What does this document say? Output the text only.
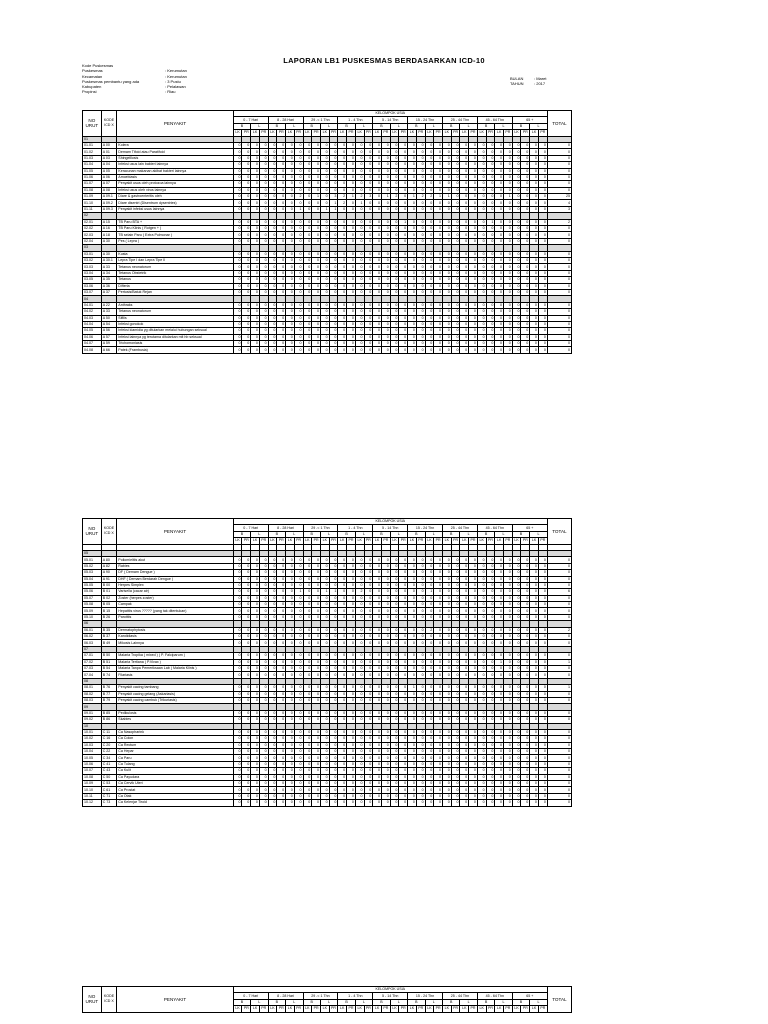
LAPORAN LB1 PUSKESMAS BERDASARKAN ICD-10
Kode Puskesmas
Puskesmas	: Kerumutan
Kecamatan	: Kerumutan
Puskesmas pembantu yang ada	: 3 Pustu
Kabupaten	: Pelalawan
Propinsi	: Riau
BULAN	: Maret
TAHUN	: 2017
NO URUT	KODE ICD X	PENYAKIT	KELOMPOK USIA																																				TOTAL
			0 - 7 Hari				8 - 28 Hari				29 -< 1 Thn				1 - 4 Thn				5 - 14 Thn				15 - 24 Thn				25 - 44 Thn				45 - 64 Thn				65 +				
			B		L		B		L		B		L		B		L		B		L		B		L		B		L		B		L		B		L		
			LK	PR	LK	PR	LK	PR	LK	PR	LK	PR	LK	PR	LK	PR	LK	PR	LK	PR	LK	PR	LK	PR	LK	PR	LK	PR	LK	PR	LK	PR	LK	PR	LK	PR	LK	PR	
01																																							
01.01	A 00	Kolera	0	0	0	0	0	0	0	0	0	0	0	0	0	0	0	0	0	0	0	0	0	0	0	0	0	0	0	0	0	0	0	0	0	0	0	0	0
01.02	A 01	Demam Tifoid atau Paratifoid	0	0	0	0	0	0	0	0	0	0	0	0	0	0	0	0	0	0	0	0	0	0	0	0	0	0	0	0	0	0	0	0	0	0	0	0	0
01.03	A 03	Shingelllosis	0	0	0	0	0	0	0	0	0	0	0	0	0	0	0	0	0	0	0	0	0	0	0	0	0	0	0	0	0	0	0	0	0	0	0	0	0
01.04	A 04	Infeksi usus lain bakteri lainnya	0	0	0	0	0	0	0	0	0	0	0	0	0	0	0	0	0	0	0	0	0	0	0	0	0	0	0	0	0	0	0	0	0	0	0	0	0
01.05	A 05	Keracunan makanan akibat bakteri lainnya	0	0	0	0	0	0	0	0	0	0	0	0	0	0	0	0	0	0	0	0	0	0	0	0	0	0	0	0	0	0	0	0	0	0	0	0	0
01.06	A 06	Amoebiasis	0	0	0	0	0	0	0	0	0	0	0	0	0	0	0	0	0	0	0	0	0	0	0	0	0	0	0	0	0	0	0	0	0	0	0	0	0
01.07	A 07	Penyakit usus oleh protozoa lainnya	0	0	0	0	0	0	0	0	0	0	0	0	0	0	0	0	0	0	0	0	0	0	0	0	0	0	0	0	0	0	0	0	0	0	0	0	0
01.08	A 08	Infeksi usus oleh virus lainnya	0	0	0	0	0	0	0	0	0	0	0	0	0	0	0	0	0	0	0	0	0	0	0	0	0	0	0	0	0	0	0	0	0	0	0	0	0
01.09	A 09.1	Diare & gastroenteritis oleh	0	0	0	0	0	0	0	2	0	1	0	3	2	1	2	3	0	1	2	0	1	2	2	1	1	0	0	0	0	0	0	1	0	0	0	0	25
01.10	A 09.2	Diare disentri (Disentrum dysentries)	0	0	0	0	0	0	0	0	0	0	0	1	2	0	1	0	0	0	0	0	0	0	0	0	0	0	0	0	0	0	0	0	0	0	0	0	4
01.11	A 09.3	Penyakit infeksi usus lainnya	0	0	0	0	0	0	0	1	0	0	1	1	0	0	0	0	0	0	0	0	0	0	0	0	0	0	0	0	0	0	0	0	0	0	0	0	3
02																																							
02.01	A 15	TB Paru BTA +	0	0	0	0	0	0	0	0	0	0	0	0	0	0	0	0	0	0	0	1	0	0	0	0	0	0	0	0	0	1	0	0	0	0	0	0	2
02.02	A 16	TB Paru Klinis ( Rotgen + )	0	0	0	0	0	0	0	0	0	0	0	0	0	0	0	0	0	0	0	0	0	0	0	0	0	0	0	0	0	0	0	0	0	0	0	0	0
02.03	A 18	TB selain Paru ( Extra Pulmonar )	0	0	0	0	0	0	0	0	0	0	0	0	0	0	0	0	0	0	0	0	0	0	0	0	0	0	0	0	0	0	0	0	0	0	0	0	0
02.04	A 30	Pes ( Lepra )	0	0	0	0	0	0	0	0	0	0	0	0	0	0	0	0	0	0	0	0	0	0	0	0	0	0	0	0	0	0	0	0	0	0	0	0	0
03																																							
03.01	A 30	Kusta	0	0	0	0	0	0	0	0	0	0	0	0	0	0	0	0	0	0	0	0	0	0	0	0	0	0	0	0	0	0	0	0	0	0	0	0	0
03.02	A 30.1	Lepra Tipe I dan Lepra Tipe II	0	0	0	0	0	0	0	0	0	0	0	0	0	0	0	0	0	0	0	0	0	0	0	0	0	0	0	0	0	0	0	0	0	0	0	0	0
03.03	A 33	Tetanus neonatorum	0	0	0	0	0	0	0	0	0	0	0	0	0	0	0	0	0	0	0	0	0	0	0	0	0	0	0	0	0	0	0	0	0	0	0	0	0
03.04	A 34	Tetanus Obstetrik	0	0	0	0	0	0	0	0	0	0	0	0	0	0	0	0	0	0	0	0	0	0	0	0	0	0	0	0	0	0	0	0	0	0	0	0	0
03.05	A 35	Tetanus	0	0	0	0	0	0	0	0	0	0	0	0	0	0	0	0	0	0	0	0	0	0	0	0	0	0	0	0	0	0	0	0	0	0	0	0	0
03.06	A 36	Difteria	0	0	0	0	0	0	0	0	0	0	0	0	0	0	0	0	0	0	0	0	0	0	0	0	0	0	0	0	0	0	0	0	0	0	0	0	0
03.07	A 37	Pertusis/Batuk Rejan	0	0	0	0	0	0	0	0	0	0	0	0	0	0	0	0	0	0	0	0	0	0	0	0	0	0	0	0	0	0	0	0	0	0	0	0	0
04																																							
04.01	A 22	Anthraks	0	0	0	0	0	0	0	0	0	0	0	0	0	0	0	0	0	0	0	0	0	0	0	0	0	0	0	0	0	0	0	0	0	0	0	0	0
04.02	A 33	Tetanus neonatorum	0	0	0	0	0	0	0	0	0	0	0	0	0	0	0	0	0	0	0	0	0	0	0	0	0	0	0	0	0	0	0	0	0	0	0	0	0
04.03	A 50	Sifilis	0	0	0	0	0	0	0	0	0	0	0	0	0	0	0	0	0	0	0	0	0	0	0	0	0	0	0	0	0	0	0	0	0	0	0	0	0
04.04	A 54	Infeksi gonokok	0	0	0	0	0	0	0	0	0	0	0	0	0	0	0	0	0	0	0	0	0	0	0	0	0	0	0	0	0	0	0	0	0	0	0	0	0
04.05	A 56	Infeksi klamidia yg ditularkan melalui hubungan seksual	0	0	0	0	0	0	0	0	0	0	0	0	0	0	0	0	0	0	0	0	0	0	0	0	0	0	0	0	0	0	0	0	0	0	0	0	0
04.06	A 57	Infeksi lainnya yg terutama ditularkan mlt hb seksual	0	0	0	0	0	0	0	0	0	0	0	0	0	0	0	0	0	0	0	0	0	0	0	0	0	0	0	0	0	0	0	0	0	0	0	0	0
04.07	A 59	Trichomoniasis	0	0	0	0	0	0	0	0	0	0	0	0	0	0	0	0	0	0	0	0	0	0	0	0	0	0	0	0	0	0	0	0	0	0	0	0	0
04.08	A 66	Patek (Frambusia)	0	0	0	0	0	0	0	0	0	0	0	0	0	0	0	0	0	0	0	0	0	0	0	0	0	0	0	0	0	0	0	0	0	0	0	0	0
NO URUT	KODE ICD X	PENYAKIT	KELOMPOK USIA																																				TOTAL
			0 - 7 Hari				8 - 28 Hari				29 -< 1 Thn				1 - 4 Thn				5 - 14 Thn				15 - 24 Thn				25 - 44 Thn				45 - 64 Thn				65 +				
			B		L		B		L		B		L		B		L		B		L		B		L		B		L		B		L		B		L		
			LK	PR	LK	PR	LK	PR	LK	PR	LK	PR	LK	PR	LK	PR	LK	PR	LK	PR	LK	PR	LK	PR	LK	PR	LK	PR	LK	PR	LK	PR	LK	PR	LK	PR	LK	PR	

05																																							
05.01	A 80	Poliomielitis akut	0	0	0	0	0	0	0	0	0	0	0	0	0	0	0	0	0	0	0	0	0	0	0	0	0	0	0	0	0	0	0	0	0	0	0	0	0
05.02	A 82	Rabies	0	0	0	0	0	0	0	0	0	0	0	0	0	0	0	0	0	0	0	0	0	0	0	0	0	0	0	0	0	0	0	0	0	0	0	0	0
05.03	A 90	DF ( Demam Dengue )	0	0	0	0	0	0	0	0	0	0	0	0	0	0	0	0	0	0	0	0	0	0	0	0	0	0	0	0	0	0	0	0	0	0	0	0	0
05.04	A 91	DHF ( Demam Berdarah Dengue )	0	0	0	0	0	0	0	0	0	0	0	0	0	0	0	0	0	0	0	0	0	0	0	0	0	0	0	0	0	0	0	0	0	0	0	0	0
05.05	B 00	Herpes Simplex	0	0	0	0	0	0	0	0	0	0	0	0	0	0	0	0	0	0	0	0	0	0	0	0	0	0	0	0	0	0	0	0	0	0	0	0	0
05.06	B 01	Varisella (cacar air)	0	0	0	0	0	0	0	1	0	0	1	1	0	0	2	0	0	0	0	0	0	0	1	0	0	0	0	0	0	0	0	0	0	0	0	0	6
05.07	B 02	Zoster (herpes zoster)	0	0	0	0	0	0	0	0	0	0	0	0	0	0	0	0	0	0	0	0	0	0	0	0	0	0	0	0	0	0	0	0	0	0	0	0	0
05.08	B 05	Campak	0	0	0	0	0	0	0	0	0	0	0	0	0	0	0	0	0	0	0	0	0	0	0	0	0	0	0	0	0	0	0	0	0	0	0	0	0
05.09	B 15	Hepatitis virus ????? (yang tak ditentukan)	0	0	0	0	0	0	0	0	0	0	0	0	0	0	0	0	0	0	0	0	0	0	0	0	0	0	0	0	0	0	0	0	0	0	0	0	0
05.10	B 26	Parotitis	0	0	0	0	0	0	0	0	0	0	0	0	0	0	0	0	0	0	0	0	0	0	0	0	0	0	0	0	0	0	0	0	0	0	0	0	0
06																																							
06.01	B 35	Dermatophytosis	0	0	0	0	0	0	0	0	0	0	0	0	0	0	0	0	0	0	0	0	0	0	2	0	0	0	0	0	0	0	0	0	0	0	0	0	2
06.02	B 37	Kandidiasis	0	0	0	0	0	0	0	0	0	0	0	0	0	0	0	0	0	0	0	0	0	0	0	0	0	0	0	0	0	0	0	0	0	0	0	0	0
06.03	B 49	Mikosis Lainnya	0	0	0	0	0	0	0	0	0	0	0	0	0	0	0	0	0	0	0	0	0	0	0	0	0	0	0	0	0	0	0	0	0	0	0	0	0
07																																							
07.01	B 50	Malaria Tropika ( mixed ) ( P. Falciparum )	0	0	0	0	0	0	0	0	0	0	0	0	0	0	0	0	0	0	0	0	0	0	0	0	0	0	0	0	0	0	0	0	0	0	0	0	0
07.02	B 51	Malaria Tertiana ( P.Vivax )	0	0	0	0	0	0	0	0	0	0	0	0	0	0	0	0	0	0	0	0	0	0	0	0	0	0	0	0	0	0	1	0	0	0	0	0	1
07.03	B 54	Malaria Tanpa Pemeriksaan Lab ( Malaria Klinis )	0	0	0	0	0	0	0	0	0	0	0	0	0	0	0	0	0	0	0	0	0	0	0	0	0	0	0	0	0	0	0	0	0	0	0	0	0
07.04	B 74	Filariasis	0	0	0	0	0	0	0	0	0	0	0	0	0	0	0	0	0	0	0	0	0	0	0	0	0	0	0	0	0	0	0	0	0	0	0	0	0
08																																							
08.01	B 76	Penyakit cacing tambang	0	0	0	0	0	0	0	0	0	0	0	0	0	0	0	0	0	0	0	0	1	0	0	0	0	0	0	0	0	0	0	0	0	0	0	0	1
08.02	B 77	Penyakit cacing gelang (Askariasis)	0	0	0	0	0	0	0	0	0	0	0	0	0	0	0	0	0	0	0	0	0	0	0	0	0	0	0	0	0	0	0	0	0	0	0	0	0
08.03	B 79	Penyakit cacing cambuk (Trikuriasis)	0	0	0	0	0	0	0	0	0	0	0	0	0	0	0	0	0	0	0	0	0	0	0	0	0	0	0	0	0	0	0	0	0	0	0	0	0
09																																							
09.01	B 85	Pedikulosis	0	0	0	0	0	0	0	0	0	0	0	0	0	0	0	0	0	0	0	0	0	0	0	0	0	0	0	0	0	0	0	0	0	0	0	0	0
09.02	B 86	Skabies	0	0	0	0	0	0	0	0	0	0	0	0	0	0	0	0	0	0	0	0	0	0	0	0	0	0	0	0	0	0	0	0	0	0	0	0	0
10																																							
10.01	C 11	Ca Nasopharink	0	0	0	0	0	0	0	0	0	0	0	0	0	0	0	0	0	0	0	0	0	0	0	0	0	0	0	0	0	0	0	0	0	0	0	0	0
10.02	C 16	Ca Colon	0	0	0	0	0	0	0	0	0	0	0	0	0	0	0	0	0	0	0	0	0	0	0	0	0	0	0	0	0	0	0	0	0	0	0	0	0
10.03	C 20	Ca Rectum	0	0	0	0	0	0	0	0	0	0	0	0	0	0	0	0	0	0	0	0	0	0	0	0	0	0	0	0	0	0	0	0	0	0	0	0	0
10.04	C 22	Ca Hepar	0	0	0	0	0	0	0	0	0	0	0	0	0	0	0	0	0	0	0	0	0	0	0	0	0	0	0	0	0	0	0	0	0	0	0	0	0
10.05	C 34	Ca Paru	0	0	0	0	0	0	0	0	0	0	0	0	0	0	0	0	0	0	0	0	0	0	0	0	0	0	0	0	0	0	0	0	0	0	0	0	0
10.06	C 41	Ca Tulang	0	0	0	0	0	0	0	0	0	0	0	0	0	0	0	0	0	0	0	0	0	0	0	0	0	0	0	0	0	0	0	0	0	0	0	0	0
10.07	C 43	Ca Kulit	0	0	0	0	0	0	0	0	0	0	0	0	0	0	0	0	0	0	0	0	0	0	0	0	0	0	0	0	0	0	0	0	0	0	0	0	0
10.08	C 50	Ca Payudara	0	0	0	0	0	0	0	0	0	0	0	0	0	0	0	0	0	0	0	0	0	0	0	0	0	0	0	0	0	0	0	0	0	0	0	0	0
10.09	C 53	Ca Cervik Uteri	0	0	0	0	0	0	0	0	0	0	0	0	0	0	0	0	0	0	0	0	0	0	0	0	0	0	0	0	0	0	0	0	0	0	0	0	0
10.10	C 61	Ca Prostat	0	0	0	0	0	0	0	0	0	0	0	0	0	0	0	0	0	0	0	0	0	0	0	0	0	0	0	0	0	0	0	0	0	0	0	0	0
10.11	C 71	Ca Otak	0	0	0	0	0	0	0	0	0	0	0	0	0	0	0	0	0	0	0	0	0	0	0	0	0	0	0	0	0	0	0	0	0	0	0	0	0
10.12	C 73	Ca Kelenjar Tiroid	0	0	0	0	0	0	0	0	0	0	0	0	0	0	0	0	0	0	0	0	0	0	0	0	0	0	0	0	0	0	0	0	0	0	0	0	0
NO URUT	KODE ICD X	PENYAKIT	KELOMPOK USIA																																				TOTAL
			0 - 7 Hari				8 - 28 Hari				29 -< 1 Thn				1 - 4 Thn				5 - 14 Thn				15 - 24 Thn				25 - 44 Thn				45 - 64 Thn				65 +				
			B		L		B		L		B		L		B		L		B		L		B		L		B		L		B		L		B		L		
			LK	PR	LK	PR	LK	PR	LK	PR	LK	PR	LK	PR	LK	PR	LK	PR	LK	PR	LK	PR	LK	PR	LK	PR	LK	PR	LK	PR	LK	PR	LK	PR	LK	PR	LK	PR	
